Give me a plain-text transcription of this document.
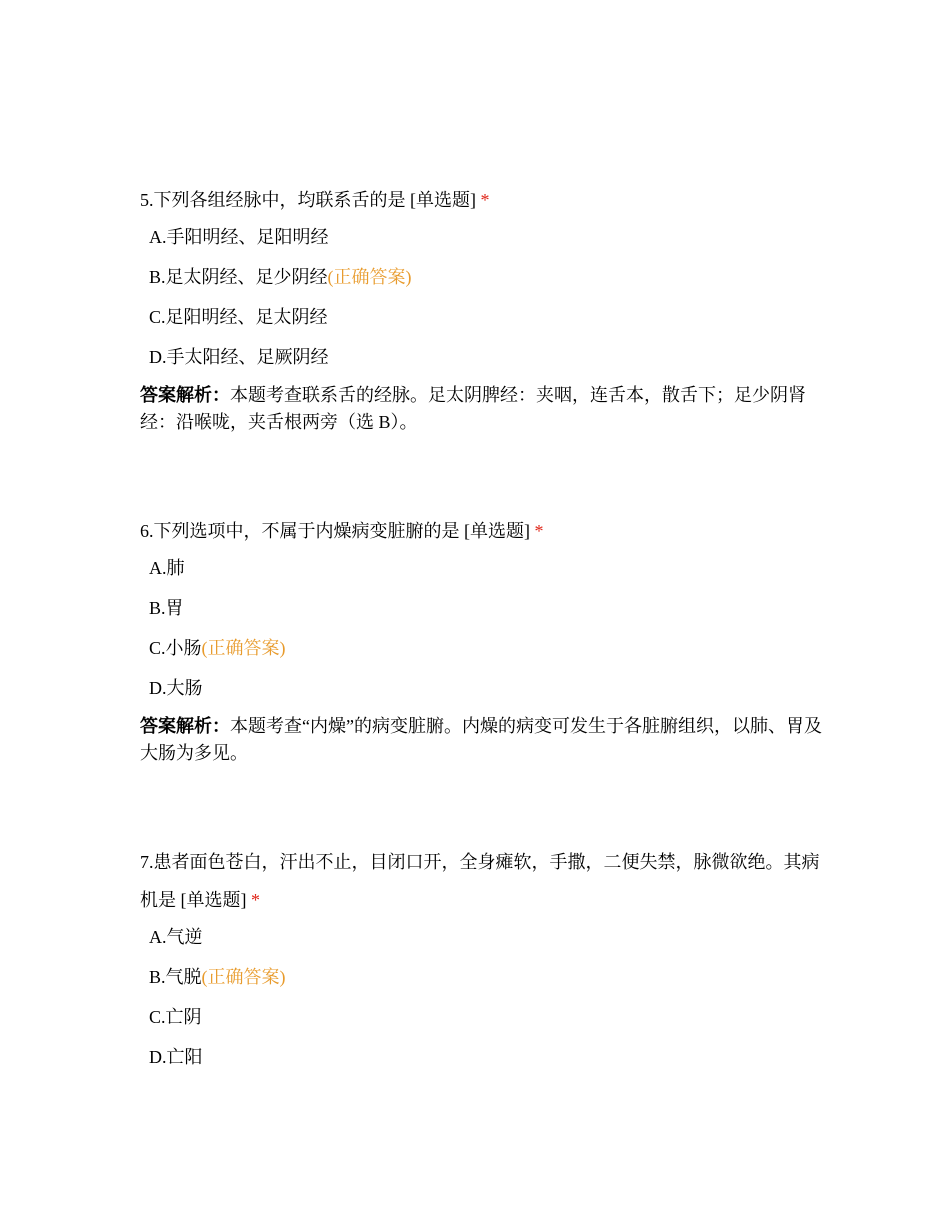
5.下列各组经脉中，均联系舌的是 [单选题] *

A.手阳明经、足阳明经
B.足太阴经、足少阴经(正确答案)
C.足阳明经、足太阴经
D.手太阳经、足厥阴经
答案解析：本题考查联系舌的经脉。足太阴脾经：夹咽，连舌本，散舌下；足少阴肾经：沿喉咙，夹舌根两旁（选 B）。

6.下列选项中，不属于内燥病变脏腑的是 [单选题] *

A.肺
B.胃
C.小肠(正确答案)
D.大肠
答案解析：本题考查“内燥”的病变脏腑。内燥的病变可发生于各脏腑组织，以肺、胃及大肠为多见。

7.患者面色苍白，汗出不止，目闭口开，全身瘫软，手撒，二便失禁，脉微欲绝。其病机是 [单选题] *

A.气逆
B.气脱(正确答案)
C.亡阴
D.亡阳
